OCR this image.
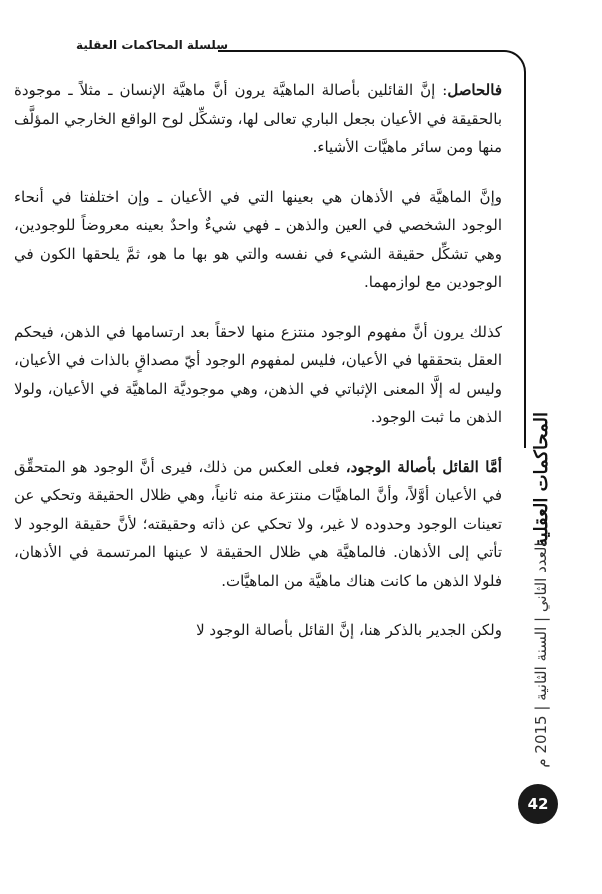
سلسلة المحاكمات العقلية

فالحاصل: إنَّ القائلين بأصالة الماهيَّة يرون أنَّ ماهيَّة الإنسان ـ مثلاً ـ موجودة بالحقيقة في الأعيان بجعل الباري تعالى لها، وتشكِّل لوح الواقع الخارجي المؤلَّف منها ومن سائر ماهيَّات الأشياء.

وإنَّ الماهيَّة في الأذهان هي بعينها التي في الأعيان ـ وإن اختلفتا في أنحاء الوجود الشخصي في العين والذهن ـ فهي شيءٌ واحدٌ بعينه معروضاً للوجودين، وهي تشكِّل حقيقة الشيء في نفسه والتي هو بها ما هو، ثمَّ يلحقها الكون في الوجودين مع لوازمهما.

كذلك يرون أنَّ مفهوم الوجود منتزع منها لاحقاً بعد ارتسامها في الذهن، فيحكم العقل بتحققها في الأعيان، فليس لمفهوم الوجود أيّ مصداقٍ بالذات في الأعيان، وليس له إلَّا المعنى الإثباتي في الذهن، وهي موجوديَّة الماهيَّة في الأعيان، ولولا الذهن ما ثبت الوجود.

أمَّا القائل بأصالة الوجود، فعلى العكس من ذلك، فيرى أنَّ الوجود هو المتحقِّق في الأعيان أوَّلاً، وأنَّ الماهيَّات منتزعة منه ثانياً، وهي ظلال الحقيقة وتحكي عن تعينات الوجود وحدوده لا غير، ولا تحكي عن ذاته وحقيقته؛ لأنَّ حقيقة الوجود لا تأتي إلى الأذهان. فالماهيَّة هي ظلال الحقيقة لا عينها المرتسمة في الأذهان، فلولا الذهن ما كانت هناك ماهيَّة من الماهيَّات.

ولكن الجدير بالذكر هنا، إنَّ القائل بأصالة الوجود لا

المحاكمات العقلية
العدد الثاني | السنة الثانية | 2015 م
42
